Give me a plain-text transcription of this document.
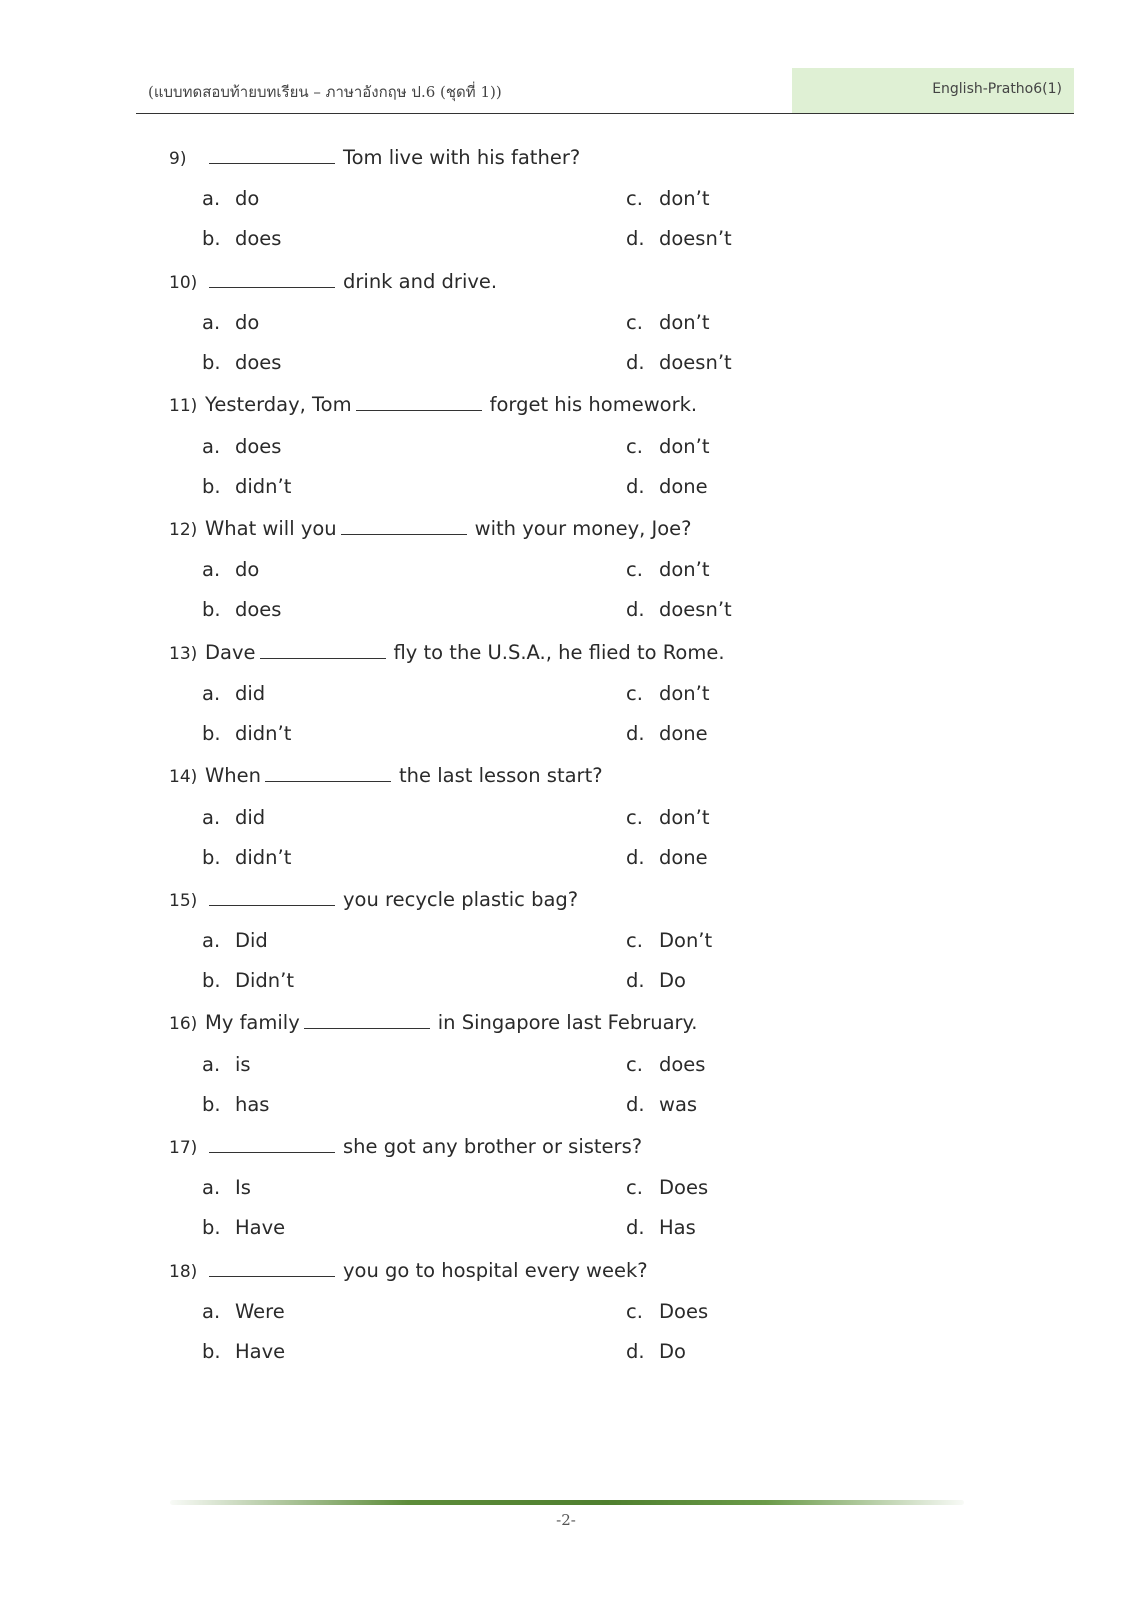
(แบบทดสอบท้ายบทเรียน – ภาษาอังกฤษ ป.6 (ชุดที่ 1))	English-Pratho6(1)
9)	Tom live with his father?
a. do
b. does
c. don’t
d. doesn’t
10)	drink and drive.
a. do
b. does
c. don’t
d. doesn’t
11) Yesterday, Tom	forget his homework.
a. does
b. didn’t
c. don’t
d. done
12) What will you	with your money, Joe?
a. do
b. does
c. don’t
d. doesn’t
13) Dave	fly to the U.S.A., he flied to Rome.
a. did
b. didn’t
c. don’t
d. done
14) When	the last lesson start?
a. did
b. didn’t
c. don’t
d. done
15)	you recycle plastic bag?
a. Did
b. Didn’t
c. Don’t
d. Do
16) My family	in Singapore last February.
a. is
b. has
c. does
d. was
17)	she got any brother or sisters?
a. Is
b. Have
c. Does
d. Has
18)	you go to hospital every week?
a. Were
b. Have
c. Does
d. Do
-2-
